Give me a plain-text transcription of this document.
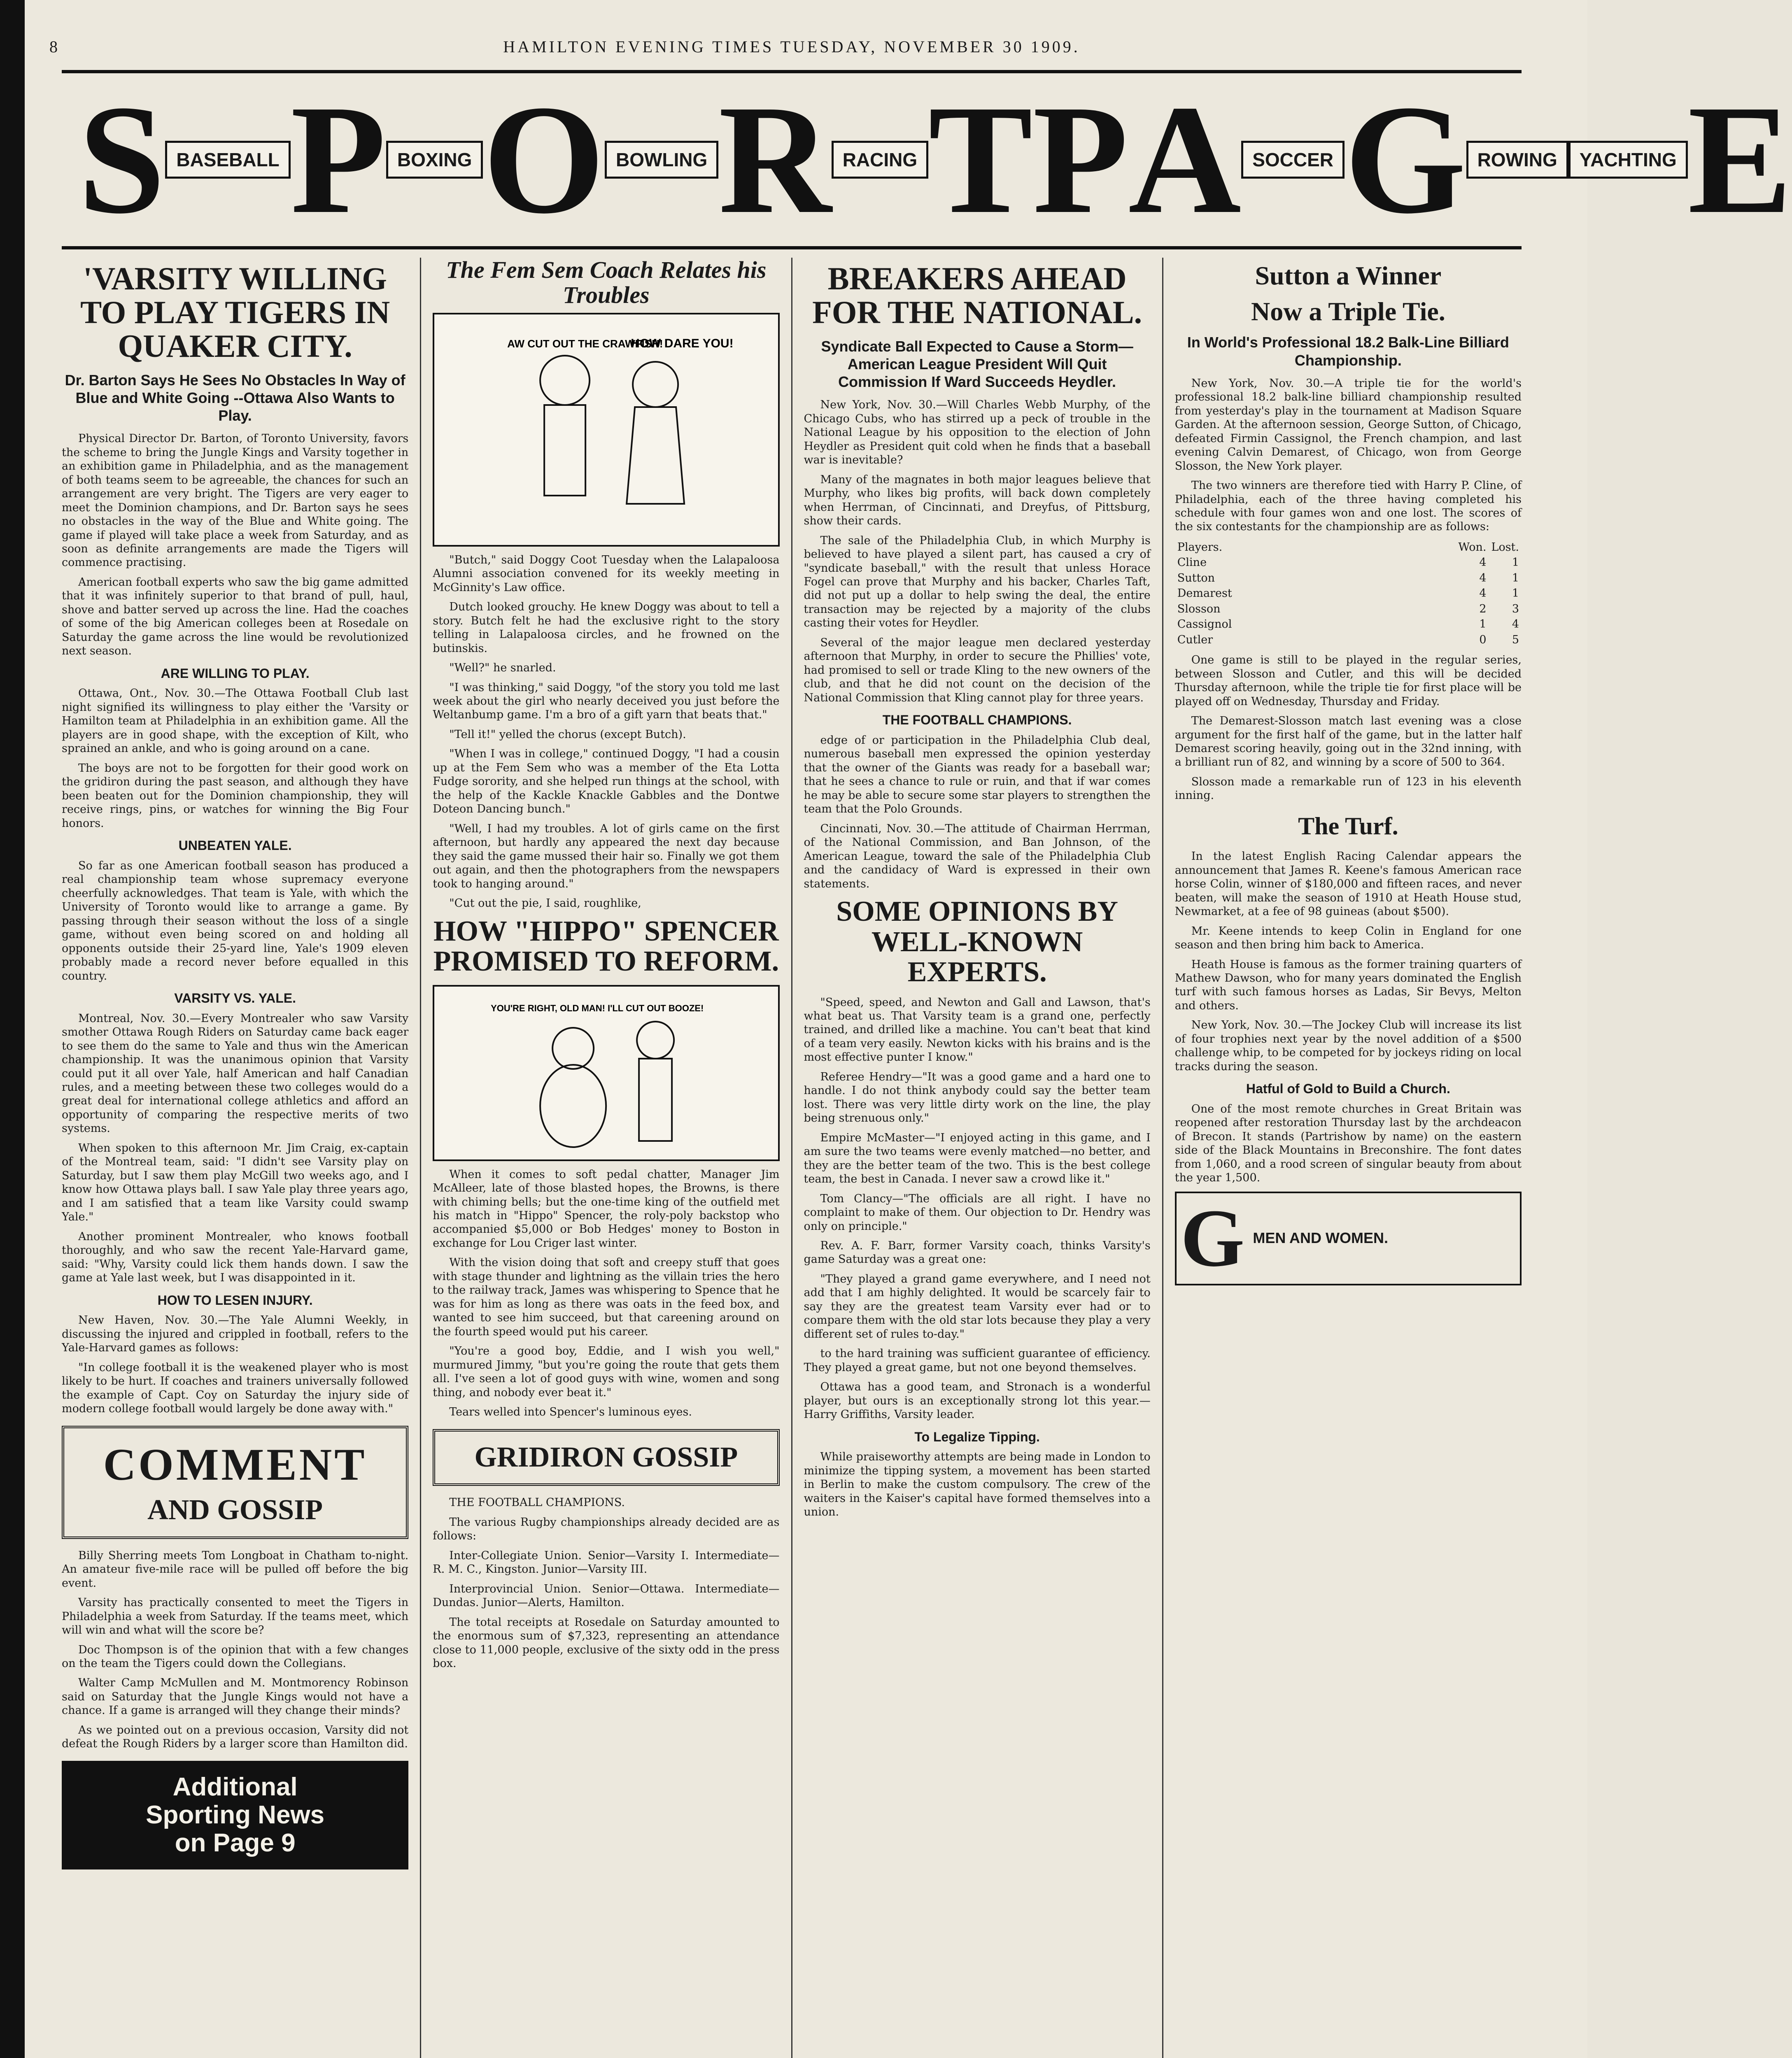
8	HAMILTON EVENING TIMES TUESDAY, NOVEMBER 30 1909.
S BASEBALL P BOXING O BOWLING R RACING T P A SOCCER G ROWING	YACHTING E
'VARSITY WILLING TO PLAY TIGERS IN QUAKER CITY.
Dr. Barton Says He Sees No Obstacles In Way of Blue and White Going --Ottawa Also Wants to Play.

Physical Director Dr. Barton, of Toronto University, favors the scheme to bring the Jungle Kings and Varsity together in an exhibition game in Philadelphia, and as the management of both teams seem to be agreeable, the chances for such an arrangement are very bright. The Tigers are very eager to meet the Dominion champions, and Dr. Barton says he sees no obstacles in the way of the Blue and White going. The game if played will take place a week from Saturday, and as soon as definite arrangements are made the Tigers will commence practising.

American football experts who saw the big game admitted that it was infinitely superior to that brand of pull, haul, shove and batter served up across the line. Had the coaches of some of the big American colleges been at Rosedale on Saturday the game across the line would be revolutionized next season.

ARE WILLING TO PLAY.

Ottawa, Ont., Nov. 30.—The Ottawa Football Club last night signified its willingness to play either the 'Varsity or Hamilton team at Philadelphia in an exhibition game. All the players are in good shape, with the exception of Kilt, who sprained an ankle, and who is going around on a cane.

The boys are not to be forgotten for their good work on the gridiron during the past season, and although they have been beaten out for the Dominion championship, they will receive rings, pins, or watches for winning the Big Four honors.

UNBEATEN YALE.

So far as one American football season has produced a real championship team whose supremacy everyone cheerfully acknowledges. That team is Yale, with which the University of Toronto would like to arrange a game. By passing through their season without the loss of a single game, without even being scored on and holding all opponents outside their 25-yard line, Yale's 1909 eleven probably made a record never before equalled in this country.

VARSITY VS. YALE.

Montreal, Nov. 30.—Every Montrealer who saw Varsity smother Ottawa Rough Riders on Saturday came back eager to see them do the same to Yale and thus win the American championship. It was the unanimous opinion that Varsity could put it all over Yale, half American and half Canadian rules, and a meeting between these two colleges would do a great deal for international college athletics and afford an opportunity of comparing the respective merits of two systems.

When spoken to this afternoon Mr. Jim Craig, ex-captain of the Montreal team, said: "I didn't see Varsity play on Saturday, but I saw them play McGill two weeks ago, and I know how Ottawa plays ball. I saw Yale play three years ago, and I am satisfied that a team like Varsity could swamp Yale."

Another prominent Montrealer, who knows football thoroughly, and who saw the recent Yale-Harvard game, said: "Why, Varsity could lick them hands down. I saw the game at Yale last week, but I was disappointed in it.

HOW TO LESEN INJURY.

New Haven, Nov. 30.—The Yale Alumni Weekly, in discussing the injured and crippled in football, refers to the Yale-Harvard games as follows:

"In college football it is the weakened player who is most likely to be hurt. If coaches and trainers universally followed the example of Capt. Coy on Saturday the injury side of modern college football would largely be done away with."

COMMENT
AND GOSSIP

Billy Sherring meets Tom Longboat in Chatham to-night. An amateur five-mile race will be pulled off before the big event.

Varsity has practically consented to meet the Tigers in Philadelphia a week from Saturday. If the teams meet, which will win and what will the score be?

Doc Thompson is of the opinion that with a few changes on the team the Tigers could down the Collegians.

Walter Camp McMullen and M. Montmorency Robinson said on Saturday that the Jungle Kings would not have a chance. If a game is arranged will they change their minds?

As we pointed out on a previous occasion, Varsity did not defeat the Rough Riders by a larger score than Hamilton did.

Additional
Sporting News
on Page 9
The Fem Sem Coach Relates his Troubles
AW CUT OUT THE CRAWFISH!
HOW DARE YOU!

"Butch," said Doggy Coot Tuesday when the Lalapaloosa Alumni association convened for its weekly meeting in McGinnity's Law office.

Dutch looked grouchy. He knew Doggy was about to tell a story. Butch felt he had the exclusive right to the story telling in Lalapaloosa circles, and he frowned on the butinskis.

"Well?" he snarled.

"I was thinking," said Doggy, "of the story you told me last week about the girl who nearly deceived you just before the Weltanbump game. I'm a bro of a gift yarn that beats that."

"Tell it!" yelled the chorus (except Butch).

"When I was in college," continued Doggy, "I had a cousin up at the Fem Sem who was a member of the Eta Lotta Fudge sorority, and she helped run things at the school, with the help of the Kackle Knackle Gabbles and the Dontwe Doteon Dancing bunch."

"Well, I had my troubles. A lot of girls came on the first afternoon, but hardly any appeared the next day because they said the game mussed their hair so. Finally we got them out again, and then the photographers from the newspapers took to hanging around."

"Cut out the pie, I said, roughlike,

HOW "HIPPO" SPENCER PROMISED TO REFORM.
YOU'RE RIGHT, OLD MAN! I'LL CUT OUT BOOZE!

When it comes to soft pedal chatter, Manager Jim McAlleer, late of those blasted hopes, the Browns, is there with chiming bells; but the one-time king of the outfield met his match in "Hippo" Spencer, the roly-poly backstop who accompanied $5,000 or Bob Hedges' money to Boston in exchange for Lou Criger last winter.

With the vision doing that soft and creepy stuff that goes with stage thunder and lightning as the villain tries the hero to the railway track, James was whispering to Spence that he was for him as long as there was oats in the feed box, and wanted to see him succeed, but that careening around on the fourth speed would put his career.

"You're a good boy, Eddie, and I wish you well," murmured Jimmy, "but you're going the route that gets them all. I've seen a lot of good guys with wine, women and song thing, and nobody ever beat it."

Tears welled into Spencer's luminous eyes.

GRIDIRON GOSSIP

THE FOOTBALL CHAMPIONS.

The various Rugby championships already decided are as follows:

Inter-Collegiate Union. Senior—Varsity I. Intermediate—R. M. C., Kingston. Junior—Varsity III.

Interprovincial Union. Senior—Ottawa. Intermediate—Dundas. Junior—Alerts, Hamilton.

The total receipts at Rosedale on Saturday amounted to the enormous sum of $7,323, representing an attendance close to 11,000 people, exclusive of the sixty odd in the press box.

BREAKERS AHEAD FOR THE NATIONAL.
Syndicate Ball Expected to Cause a Storm—American League President Will Quit Commission If Ward Succeeds Heydler.

New York, Nov. 30.—Will Charles Webb Murphy, of the Chicago Cubs, who has stirred up a peck of trouble in the National League by his opposition to the election of John Heydler as President quit cold when he finds that a baseball war is inevitable?

Many of the magnates in both major leagues believe that Murphy, who likes big profits, will back down completely when Herrman, of Cincinnati, and Dreyfus, of Pittsburg, show their cards.

The sale of the Philadelphia Club, in which Murphy is believed to have played a silent part, has caused a cry of "syndicate baseball," with the result that unless Horace Fogel can prove that Murphy and his backer, Charles Taft, did not put up a dollar to help swing the deal, the entire transaction may be rejected by a majority of the clubs casting their votes for Heydler.

Several of the major league men declared yesterday afternoon that Murphy, in order to secure the Phillies' vote, had promised to sell or trade Kling to the new owners of the club, and that he did not count on the decision of the National Commission that Kling cannot play for three years.

THE FOOTBALL CHAMPIONS.

edge of or participation in the Philadelphia Club deal, numerous baseball men expressed the opinion yesterday that the owner of the Giants was ready for a baseball war; that he sees a chance to rule or ruin, and that if war comes he may be able to secure some star players to strengthen the team that the Polo Grounds.

Cincinnati, Nov. 30.—The attitude of Chairman Herrman, of the National Commission, and Ban Johnson, of the American League, toward the sale of the Philadelphia Club and the candidacy of Ward is expressed in their own statements.

SOME OPINIONS BY WELL-KNOWN EXPERTS.

"Speed, speed, and Newton and Gall and Lawson, that's what beat us. That Varsity team is a grand one, perfectly trained, and drilled like a machine. You can't beat that kind of a team very easily. Newton kicks with his brains and is the most effective punter I know."

Referee Hendry—"It was a good game and a hard one to handle. I do not think anybody could say the better team lost. There was very little dirty work on the line, the play being strenuous only."

Empire McMaster—"I enjoyed acting in this game, and I am sure the two teams were evenly matched—no better, and they are the better team of the two. This is the best college team, the best in Canada. I never saw a crowd like it."

Tom Clancy—"The officials are all right. I have no complaint to make of them. Our objection to Dr. Hendry was only on principle."

Rev. A. F. Barr, former Varsity coach, thinks Varsity's game Saturday was a great one:

"They played a grand game everywhere, and I need not add that I am highly delighted. It would be scarcely fair to say they are the greatest team Varsity ever had or to compare them with the old star lots because they play a very different set of rules to-day."

to the hard training was sufficient guarantee of efficiency. They played a great game, but not one beyond themselves.

Ottawa has a good team, and Stronach is a wonderful player, but ours is an exceptionally strong lot this year.—Harry Griffiths, Varsity leader.

To Legalize Tipping.

While praiseworthy attempts are being made in London to minimize the tipping system, a movement has been started in Berlin to make the custom compulsory. The crew of the waiters in the Kaiser's capital have formed themselves into a union.

Sutton a Winner
Now a Triple Tie.
In World's Professional 18.2 Balk-Line Billiard Championship.

New York, Nov. 30.—A triple tie for the world's professional 18.2 balk-line billiard championship resulted from yesterday's play in the tournament at Madison Square Garden. At the afternoon session, George Sutton, of Chicago, defeated Firmin Cassignol, the French champion, and last evening Calvin Demarest, of Chicago, won from George Slosson, the New York player.

The two winners are therefore tied with Harry P. Cline, of Philadelphia, each of the three having completed his schedule with four games won and one lost. The scores of the six contestants for the championship are as follows:

Players.	Won.	Lost.
Cline	4	1
Sutton	4	1
Demarest	4	1
Slosson	2	3
Cassignol	1	4
Cutler	0	5

One game is still to be played in the regular series, between Slosson and Cutler, and this will be decided Thursday afternoon, while the triple tie for first place will be played off on Wednesday, Thursday and Friday.

The Demarest-Slosson match last evening was a close argument for the first half of the game, but in the latter half Demarest scoring heavily, going out in the 32nd inning, with a brilliant run of 82, and winning by a score of 500 to 364.

Slosson made a remarkable run of 123 in his eleventh inning.

The Turf.

In the latest English Racing Calendar appears the announcement that James R. Keene's famous American race horse Colin, winner of $180,000 and fifteen races, and never beaten, will make the season of 1910 at Heath House stud, Newmarket, at a fee of 98 guineas (about $500).

Mr. Keene intends to keep Colin in England for one season and then bring him back to America.

Heath House is famous as the former training quarters of Mathew Dawson, who for many years dominated the English turf with such famous horses as Ladas, Sir Bevys, Melton and others.

New York, Nov. 30.—The Jockey Club will increase its list of four trophies next year by the novel addition of a $500 challenge whip, to be competed for by jockeys riding on local tracks during the season.

Hatful of Gold to Build a Church.

One of the most remote churches in Great Britain was reopened after restoration Thursday last by the archdeacon of Brecon. It stands (Partrishow by name) on the eastern side of the Black Mountains in Breconshire. The font dates from 1,060, and a rood screen of singular beauty from about the year 1,500.

G MEN AND WOMEN.
